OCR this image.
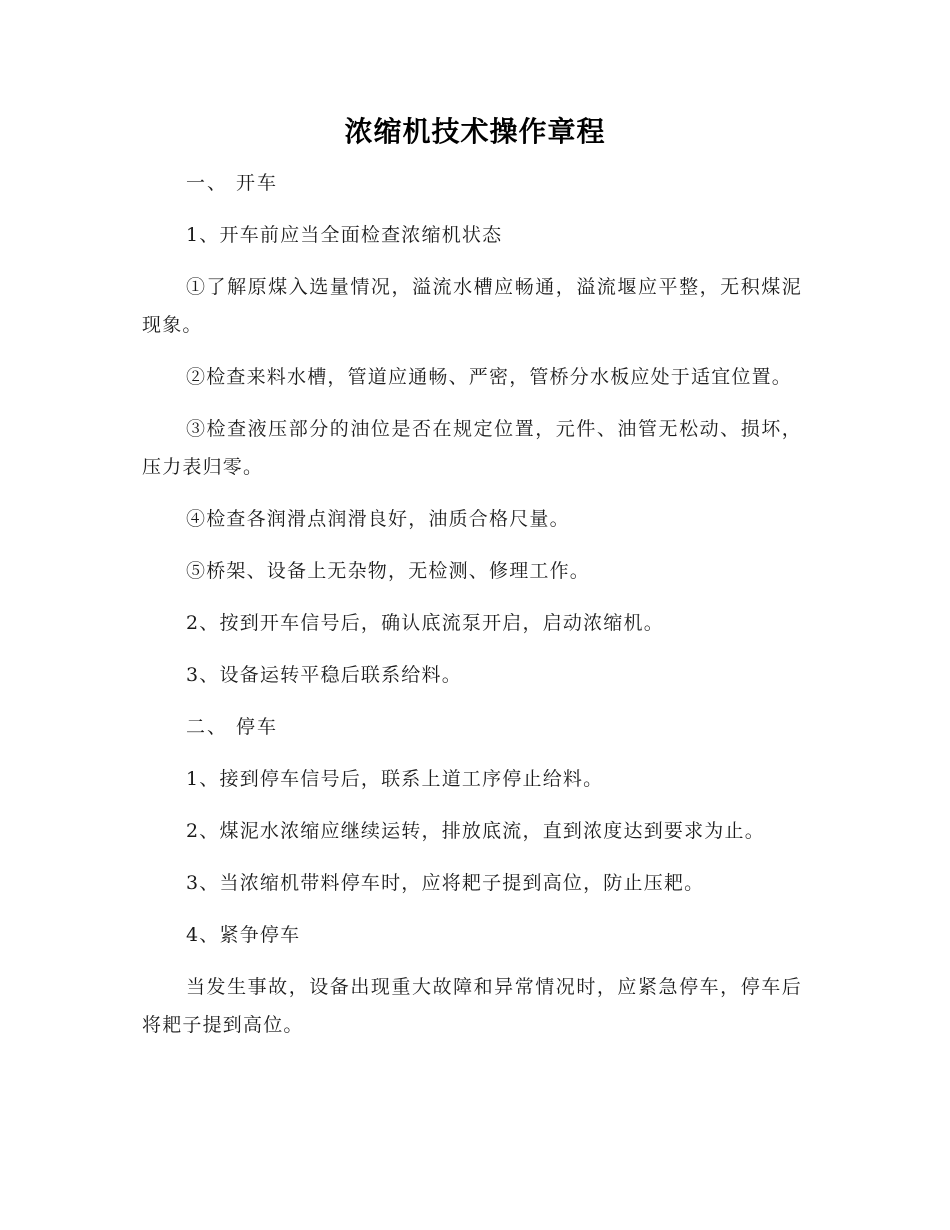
浓缩机技术操作章程

一、 开车

1、开车前应当全面检查浓缩机状态

①了解原煤入选量情况，溢流水槽应畅通，溢流堰应平整，无积煤泥现象。

②检查来料水槽，管道应通畅、严密，管桥分水板应处于适宜位置。

③检查液压部分的油位是否在规定位置，元件、油管无松动、损坏，压力表归零。

④检查各润滑点润滑良好，油质合格尺量。

⑤桥架、设备上无杂物，无检测、修理工作。

2、按到开车信号后，确认底流泵开启，启动浓缩机。

3、设备运转平稳后联系给料。

二、 停车

1、接到停车信号后，联系上道工序停止给料。

2、煤泥水浓缩应继续运转，排放底流，直到浓度达到要求为止。

3、当浓缩机带料停车时，应将耙子提到高位，防止压耙。

4、紧争停车

当发生事故，设备出现重大故障和异常情况时，应紧急停车，停车后将耙子提到高位。
